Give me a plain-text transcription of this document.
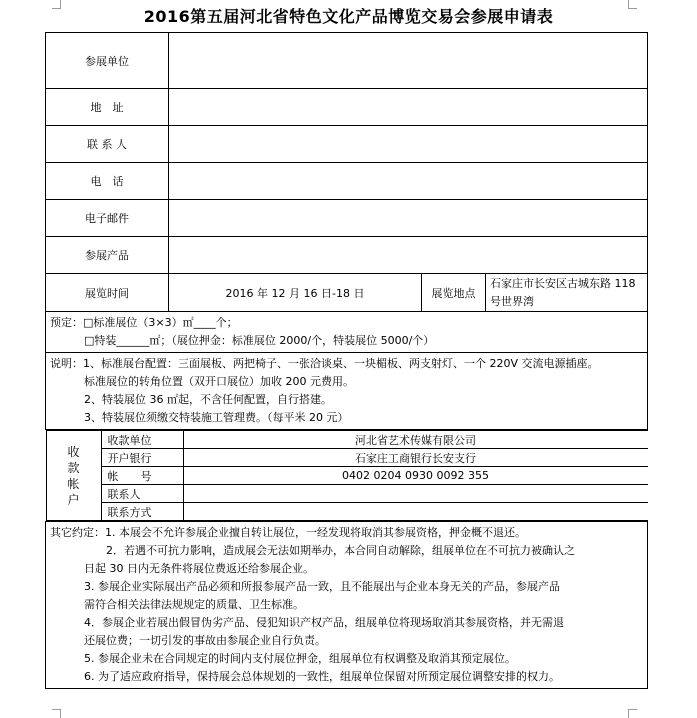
2016第五届河北省特色文化产品博览交易会参展申请表
参展单位	
地　址	
联 系 人	
电　话	
电子邮件	
参展产品	
展览时间	2016 年 12 月 16 日-18 日	展览地点	石家庄市长安区古城东路 118 号世界湾

预定：□标准展位（3×3）㎡____个；
□特装______㎡；（展位押金：标准展位 2000/个，特装展位 5000/个）

说明：1、标准展台配置：三面展板、两把椅子、一张洽谈桌、一块楣板、两支射灯、一个 220V 交流电源插座。
标准展位的转角位置（双开口展位）加收 200 元费用。
2、特装展位 36 ㎡起，不含任何配置，自行搭建。
3、特装展位须缴交特装施工管理费。（每平米 20 元）

收
款
帐
户
	收款单位	河北省艺术传媒有限公司
开户银行	石家庄工商银行长安支行
帐　　号	0402 0204 0930 0092 355
联系人	
联系方式	

其它约定：1. 本展会不允许参展企业擅自转让展位，一经发现将取消其参展资格，押金概不退还。
2．若遇不可抗力影响，造成展会无法如期举办，本合同自动解除，组展单位在不可抗力被确认之
日起 30 日内无条件将展位费返还给参展企业。
3. 参展企业实际展出产品必须和所报参展产品一致，且不能展出与企业本身无关的产品，参展产品
需符合相关法律法规规定的质量、卫生标准。
4．参展企业若展出假冒伪劣产品、侵犯知识产权产品，组展单位将现场取消其参展资格，并无需退
还展位费；一切引发的事故由参展企业自行负责。
5. 参展企业未在合同规定的时间内支付展位押金，组展单位有权调整及取消其预定展位。
6. 为了适应政府指导，保持展会总体规划的一致性，组展单位保留对所预定展位调整安排的权力。
